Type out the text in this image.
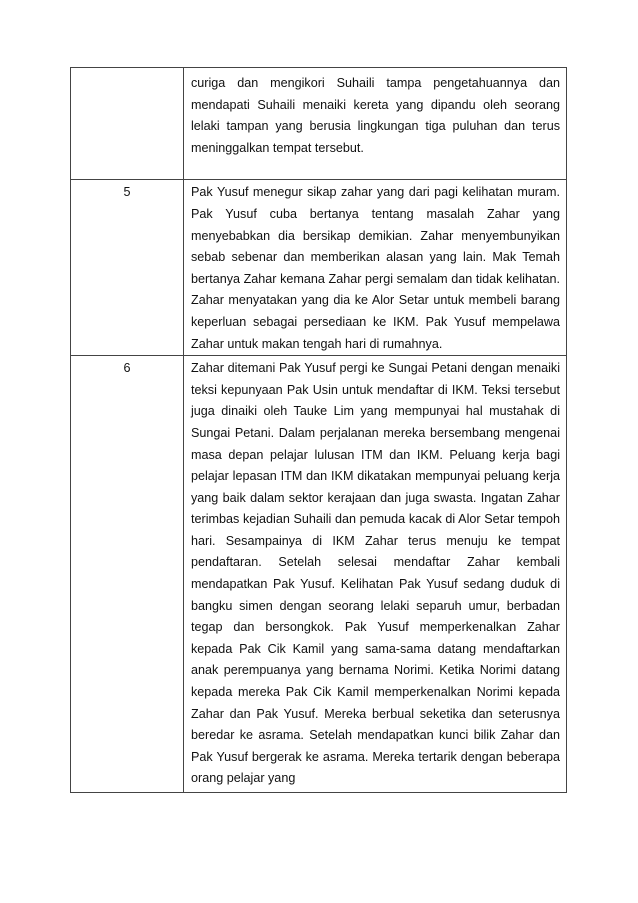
	curiga dan mengikori Suhaili tampa pengetahuannya dan mendapati Suhaili menaiki kereta yang dipandu oleh seorang lelaki tampan yang berusia lingkungan tiga puluhan dan terus meninggalkan tempat tersebut.
5	Pak Yusuf menegur sikap zahar yang dari pagi kelihatan muram. Pak Yusuf cuba bertanya tentang masalah Zahar yang menyebabkan dia bersikap demikian. Zahar menyembunyikan sebab sebenar dan memberikan alasan yang lain. Mak Temah bertanya Zahar kemana Zahar pergi semalam dan tidak kelihatan. Zahar menyatakan yang dia ke Alor Setar untuk membeli barang keperluan sebagai persediaan ke IKM. Pak Yusuf mempelawa Zahar untuk makan tengah hari di rumahnya.
6	Zahar ditemani Pak Yusuf pergi ke Sungai Petani dengan menaiki teksi kepunyaan Pak Usin untuk mendaftar di IKM. Teksi tersebut juga dinaiki oleh Tauke Lim yang mempunyai hal mustahak di Sungai Petani. Dalam perjalanan mereka bersembang mengenai masa depan pelajar lulusan ITM dan IKM. Peluang kerja bagi pelajar lepasan ITM dan IKM dikatakan mempunyai peluang kerja yang baik dalam sektor kerajaan dan juga swasta. Ingatan Zahar terimbas kejadian Suhaili dan pemuda kacak di Alor Setar tempoh hari. Sesampainya di IKM Zahar terus menuju ke tempat pendaftaran. Setelah selesai mendaftar Zahar kembali mendapatkan Pak Yusuf. Kelihatan Pak Yusuf sedang duduk di bangku simen dengan seorang lelaki separuh umur, berbadan tegap dan bersongkok. Pak Yusuf memperkenalkan Zahar kepada Pak Cik Kamil yang sama-sama datang mendaftarkan anak perempuanya yang bernama Norimi. Ketika Norimi datang kepada mereka Pak Cik Kamil memperkenalkan Norimi kepada Zahar dan Pak Yusuf. Mereka berbual seketika dan seterusnya beredar ke asrama. Setelah mendapatkan kunci bilik Zahar dan Pak Yusuf bergerak ke asrama. Mereka tertarik dengan beberapa orang pelajar yang
